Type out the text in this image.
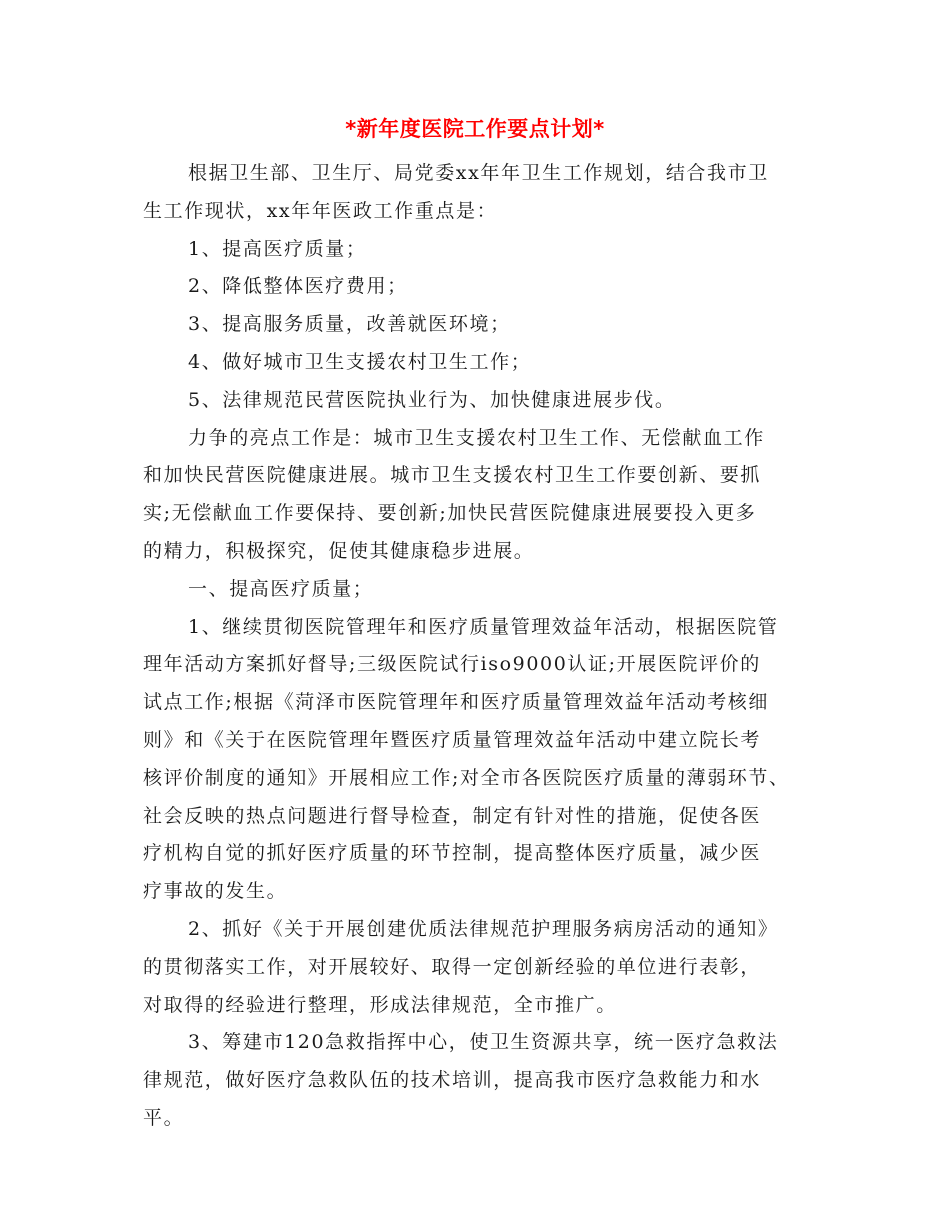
*新年度医院工作要点计划*

根据卫生部、卫生厅、局党委xx年年卫生工作规划，结合我市卫
生工作现状，xx年年医政工作重点是：

1、提高医疗质量；

2、降低整体医疗费用；

3、提高服务质量，改善就医环境；

4、做好城市卫生支援农村卫生工作；

5、法律规范民营医院执业行为、加快健康进展步伐。

力争的亮点工作是：城市卫生支援农村卫生工作、无偿献血工作
和加快民营医院健康进展。城市卫生支援农村卫生工作要创新、要抓
实;无偿献血工作要保持、要创新;加快民营医院健康进展要投入更多
的精力，积极探究，促使其健康稳步进展。

一、提高医疗质量；

1、继续贯彻医院管理年和医疗质量管理效益年活动，根据医院管
理年活动方案抓好督导;三级医院试行iso9000认证;开展医院评价的
试点工作;根据《菏泽市医院管理年和医疗质量管理效益年活动考核细
则》和《关于在医院管理年暨医疗质量管理效益年活动中建立院长考
核评价制度的通知》开展相应工作;对全市各医院医疗质量的薄弱环节、
社会反映的热点问题进行督导检查，制定有针对性的措施，促使各医
疗机构自觉的抓好医疗质量的环节控制，提高整体医疗质量，减少医
疗事故的发生。

2、抓好《关于开展创建优质法律规范护理服务病房活动的通知》
的贯彻落实工作，对开展较好、取得一定创新经验的单位进行表彰，
对取得的经验进行整理，形成法律规范，全市推广。

3、筹建市120急救指挥中心，使卫生资源共享，统一医疗急救法
律规范，做好医疗急救队伍的技术培训，提高我市医疗急救能力和水
平。
